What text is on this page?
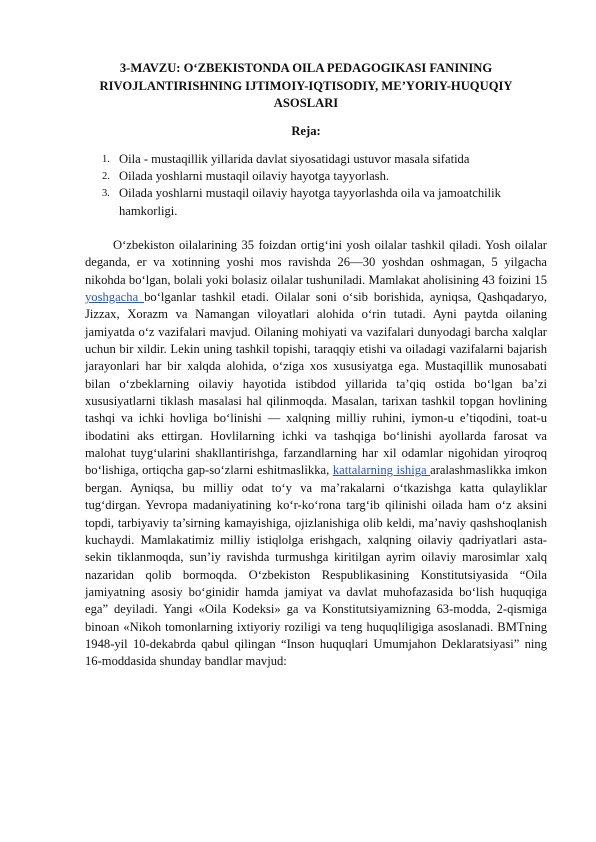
3-MAVZU: O‘ZBEKISTONDA OILA PEDAGOGIKASI FANINING RIVOJLANTIRISHNING IJTIMOIY-IQTISODIY, ME’YORIY-HUQUQIY ASOSLARI

Reja:

1. Oila - mustaqillik yillarida davlat siyosatidagi ustuvor masala sifatida
2. Oilada yoshlarni mustaqil oilaviy hayotga tayyorlash.
3. Oilada yoshlarni mustaqil oilaviy hayotga tayyorlashda oila va jamoatchilik hamkorligi.

O‘zbekiston oilalarining 35 foizdan ortig‘ini yosh oilalar tashkil qiladi. Yosh oilalar deganda, er va xotinning yoshi mos ravishda 26—30 yoshdan oshmagan, 5 yilgacha nikohda bo‘lgan, bolali yoki bolasiz oilalar tushuniladi. Mamlakat aholisining 43 foizini 15 yoshgacha bo‘lganlar tashkil etadi. Oilalar soni o‘sib borishida, ayniqsa, Qashqadaryo, Jizzax, Xorazm va Namangan viloyatlari alohida o‘rin tutadi. Ayni paytda oilaning jamiyatda o‘z vazifalari mavjud. Oilaning mohiyati va vazifalari dunyodagi barcha xalqlar uchun bir xildir. Lekin uning tashkil topishi, taraqqiy etishi va oiladagi vazifalarni bajarish jarayonlari har bir xalqda alohida, o‘ziga xos xususiyatga ega. Mustaqillik munosabati bilan o‘zbeklarning oilaviy hayotida istibdod yillarida ta’qiq ostida bo‘lgan ba’zi xususiyatlarni tiklash masalasi hal qilinmoqda. Masalan, tarixan tashkil topgan hovlining tashqi va ichki hovliga bo‘linishi — xalqning milliy ruhini, iymon-u e’tiqodini, toat-u ibodatini aks ettirgan. Hovlilarning ichki va tashqiga bo‘linishi ayollarda farosat va malohat tuyg‘ularini shakllantirishga, farzandlarning har xil odamlar nigohidan yiroqroq bo‘lishiga, ortiqcha gap-so‘zlarni eshitmaslikka, kattalarning ishiga aralashmaslikka imkon bergan. Ayniqsa, bu milliy odat to‘y va ma’rakalarni o‘tkazishga katta qulayliklar tug‘dirgan. Yevropa madaniyatining ko‘r-ko‘rona targ‘ib qilinishi oilada ham o‘z aksini topdi, tarbiyaviy ta’sirning kamayishiga, ojizlanishiga olib keldi, ma’naviy qashshoqlanish kuchaydi. Mamlakatimiz milliy istiqlolga erishgach, xalqning oilaviy qadriyatlari asta-sekin tiklanmoqda, sun’iy ravishda turmushga kiritilgan ayrim oilaviy marosimlar xalq nazaridan qolib bormoqda. O‘zbekiston Respublikasining Konstitutsiyasida “Oila jamiyatning asosiy bo‘ginidir hamda jamiyat va davlat muhofazasida bo‘lish huquqiga ega” deyiladi. Yangi «Oila Kodeksi» ga va Konstitutsiyamizning 63-modda, 2-qismiga binoan «Nikoh tomonlarning ixtiyoriy roziligi va teng huquqliligiga asoslanadi. BMTning 1948-yil 10-dekabrda qabul qilingan “Inson huquqlari Umumjahon Deklaratsiyasi” ning 16-moddasida shunday bandlar mavjud:
